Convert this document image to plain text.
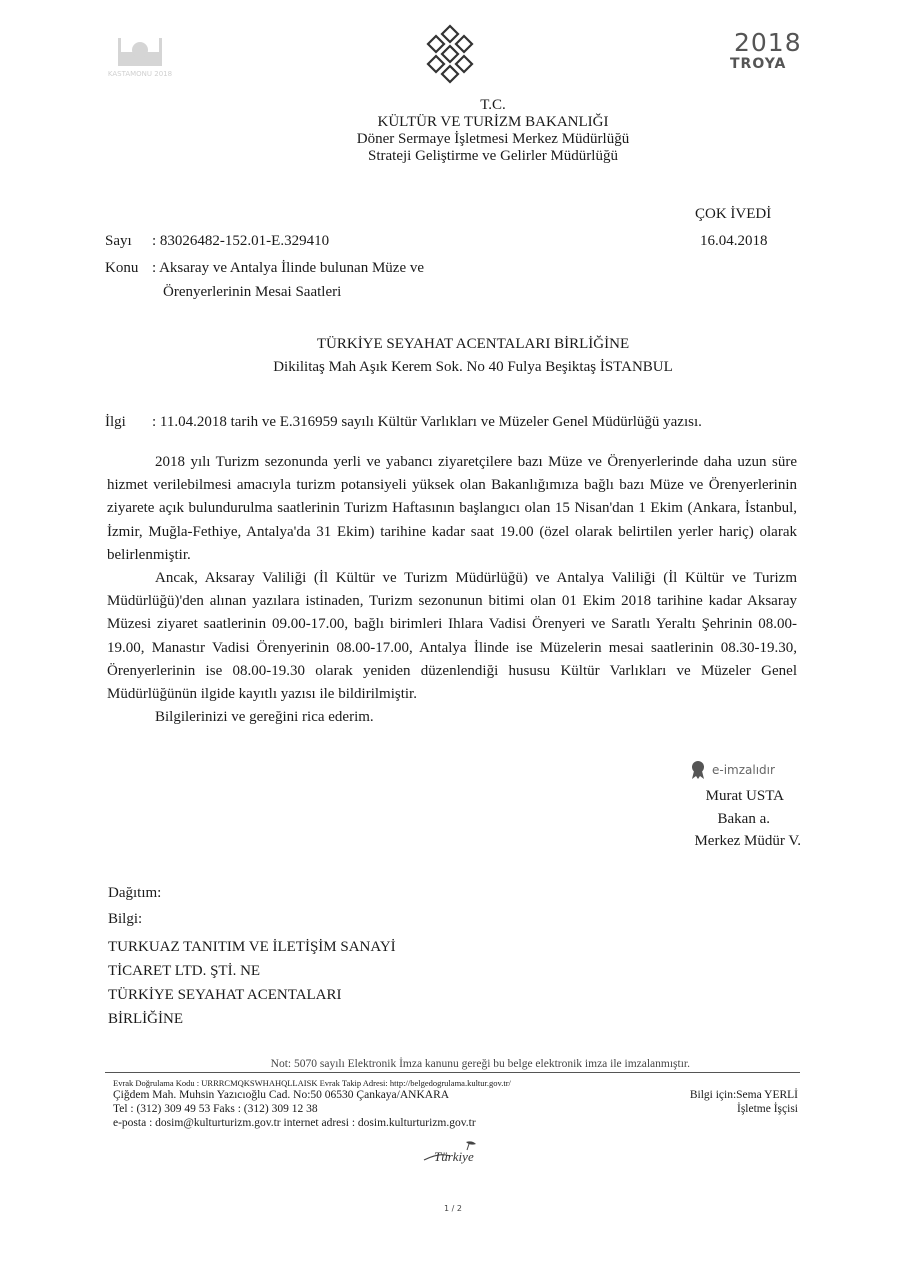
KASTAMONU 2018
2018
TROYA
T.C.
KÜLTÜR VE TURİZM BAKANLIĞI
Döner Sermaye İşletmesi Merkez Müdürlüğü
Strateji Geliştirme ve Gelirler Müdürlüğü
ÇOK İVEDİ
16.04.2018
Sayı : 83026482-152.01-E.329410
Konu : Aksaray ve Antalya İlinde bulunan Müze ve
Örenyerlerinin Mesai Saatleri
TÜRKİYE SEYAHAT ACENTALARI BİRLİĞİNE
Dikilitaş Mah Aşık Kerem Sok. No 40 Fulya Beşiktaş İSTANBUL
İlgi : 11.04.2018 tarih ve E.316959 sayılı Kültür Varlıkları ve Müzeler Genel Müdürlüğü yazısı.

2018 yılı Turizm sezonunda yerli ve yabancı ziyaretçilere bazı Müze ve Örenyerlerinde daha uzun süre hizmet verilebilmesi amacıyla turizm potansiyeli yüksek olan Bakanlığımıza bağlı bazı Müze ve Örenyerlerinin ziyarete açık bulundurulma saatlerinin Turizm Haftasının başlangıcı olan 15 Nisan'dan 1 Ekim (Ankara, İstanbul, İzmir, Muğla-Fethiye, Antalya'da 31 Ekim) tarihine kadar saat 19.00 (özel olarak belirtilen yerler hariç) olarak belirlenmiştir.

Ancak, Aksaray Valiliği (İl Kültür ve Turizm Müdürlüğü) ve Antalya Valiliği (İl Kültür ve Turizm Müdürlüğü)'den alınan yazılara istinaden, Turizm sezonunun bitimi olan 01 Ekim 2018 tarihine kadar Aksaray Müzesi ziyaret saatlerinin 09.00-17.00, bağlı birimleri Ihlara Vadisi Örenyeri ve Saratlı Yeraltı Şehrinin 08.00-19.00, Manastır Vadisi Örenyerinin 08.00-17.00, Antalya İlinde ise Müzelerin mesai saatlerinin 08.30-19.30, Örenyerlerinin ise 08.00-19.30 olarak yeniden düzenlendiği hususu Kültür Varlıkları ve Müzeler Genel Müdürlüğünün ilgide kayıtlı yazısı ile bildirilmiştir.

Bilgilerinizi ve gereğini rica ederim.

e-imzalıdır
Murat USTA
Bakan a.
Merkez Müdür V.
Dağıtım:
Bilgi:
TURKUAZ TANITIM VE İLETİŞİM SANAYİ
TİCARET LTD. ŞTİ. NE
TÜRKİYE SEYAHAT ACENTALARI
BİRLİĞİNE
Not: 5070 sayılı Elektronik İmza kanunu gereği bu belge elektronik imza ile imzalanmıştır.
Evrak Doğrulama Kodu : URRRCMQKSWHAHQLLAISK Evrak Takip Adresi: http://belgedogrulama.kultur.gov.tr/
Çiğdem Mah. Muhsin Yazıcıoğlu Cad. No:50 06530 Çankaya/ANKARA
Tel : (312) 309 49 53 Faks : (312) 309 12 38
e-posta : dosim@kulturturizm.gov.tr internet adresi : dosim.kulturturizm.gov.tr
Bilgi için:Sema YERLİ
İşletme İşçisi
Türkiye
1 / 2
